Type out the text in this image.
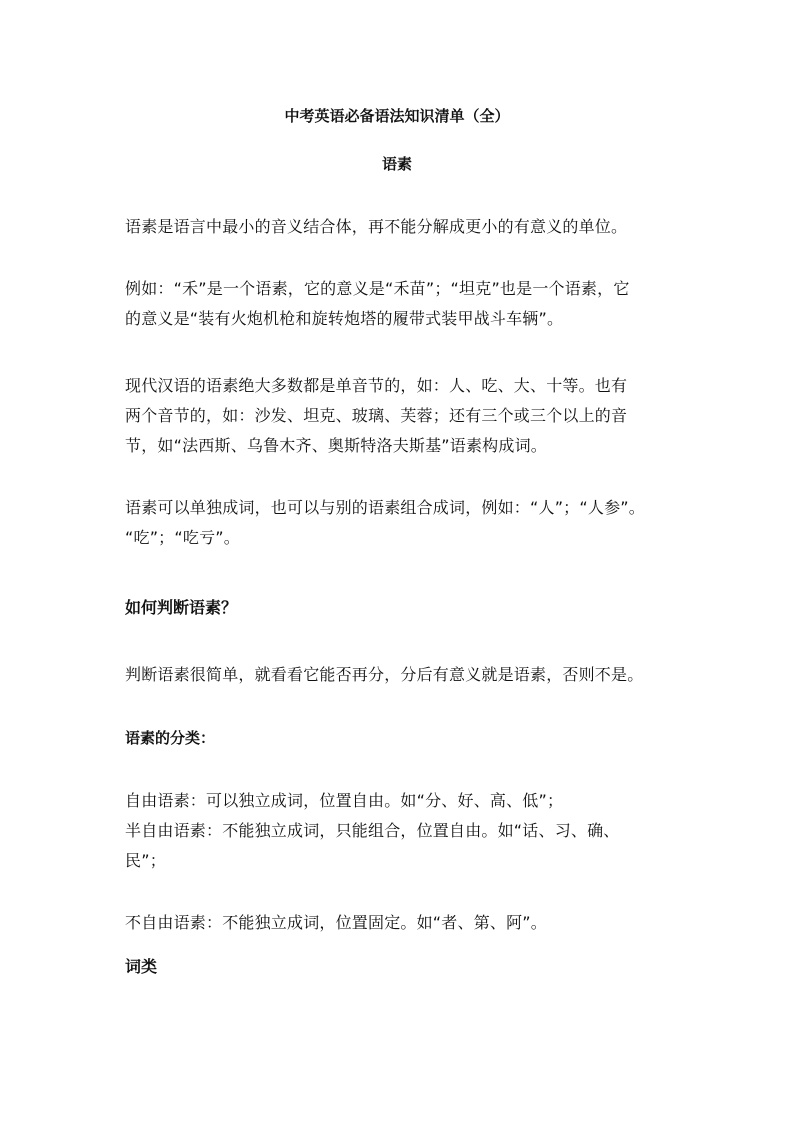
中考英语必备语法知识清单（全）
语素

语素是语言中最小的音义结合体，再不能分解成更小的有意义的单位。

例如：“禾”是一个语素，它的意义是“禾苗”；“坦克”也是一个语素，它
的意义是“装有火炮机枪和旋转炮塔的履带式装甲战斗车辆”。

现代汉语的语素绝大多数都是单音节的，如：人、吃、大、十等。也有
两个音节的，如：沙发、坦克、玻璃、芙蓉；还有三个或三个以上的音
节，如“法西斯、乌鲁木齐、奥斯特洛夫斯基”语素构成词。

语素可以单独成词，也可以与别的语素组合成词，例如：“人”；“人参”。
“吃”；“吃亏”。

如何判断语素？

判断语素很简单，就看看它能否再分，分后有意义就是语素，否则不是。

语素的分类：

自由语素：可以独立成词，位置自由。如“分、好、高、低”；
半自由语素：不能独立成词，只能组合，位置自由。如“话、习、确、
民”；

不自由语素：不能独立成词，位置固定。如“者、第、阿”。

词类
